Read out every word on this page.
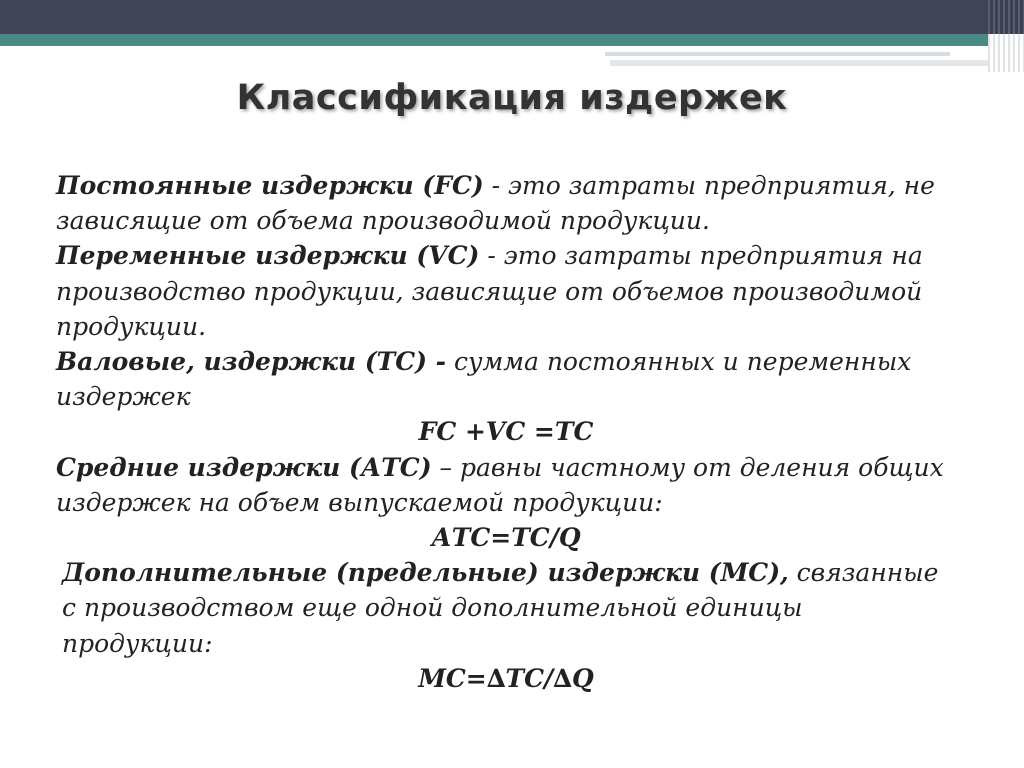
Классификация издержек

Постоянные издержки (FC) - это затраты предприятия, не зависящие от объема производимой продукции.

Переменные издержки (VC) - это затраты предприятия на производство продукции, зависящие от объемов производимой продукции.

Валовые, издержки (ТС) - сумма постоянных и переменных издержек

FC +VC =TC

Средние издержки (АТС) – равны частному от деления общих издержек на объем выпускаемой продукции:

АТС=ТС/Q

Дополнительные (предельные) издержки (МС), связанные с производством еще одной дополнительной единицы продукции:

МС=∆ТС/∆Q
